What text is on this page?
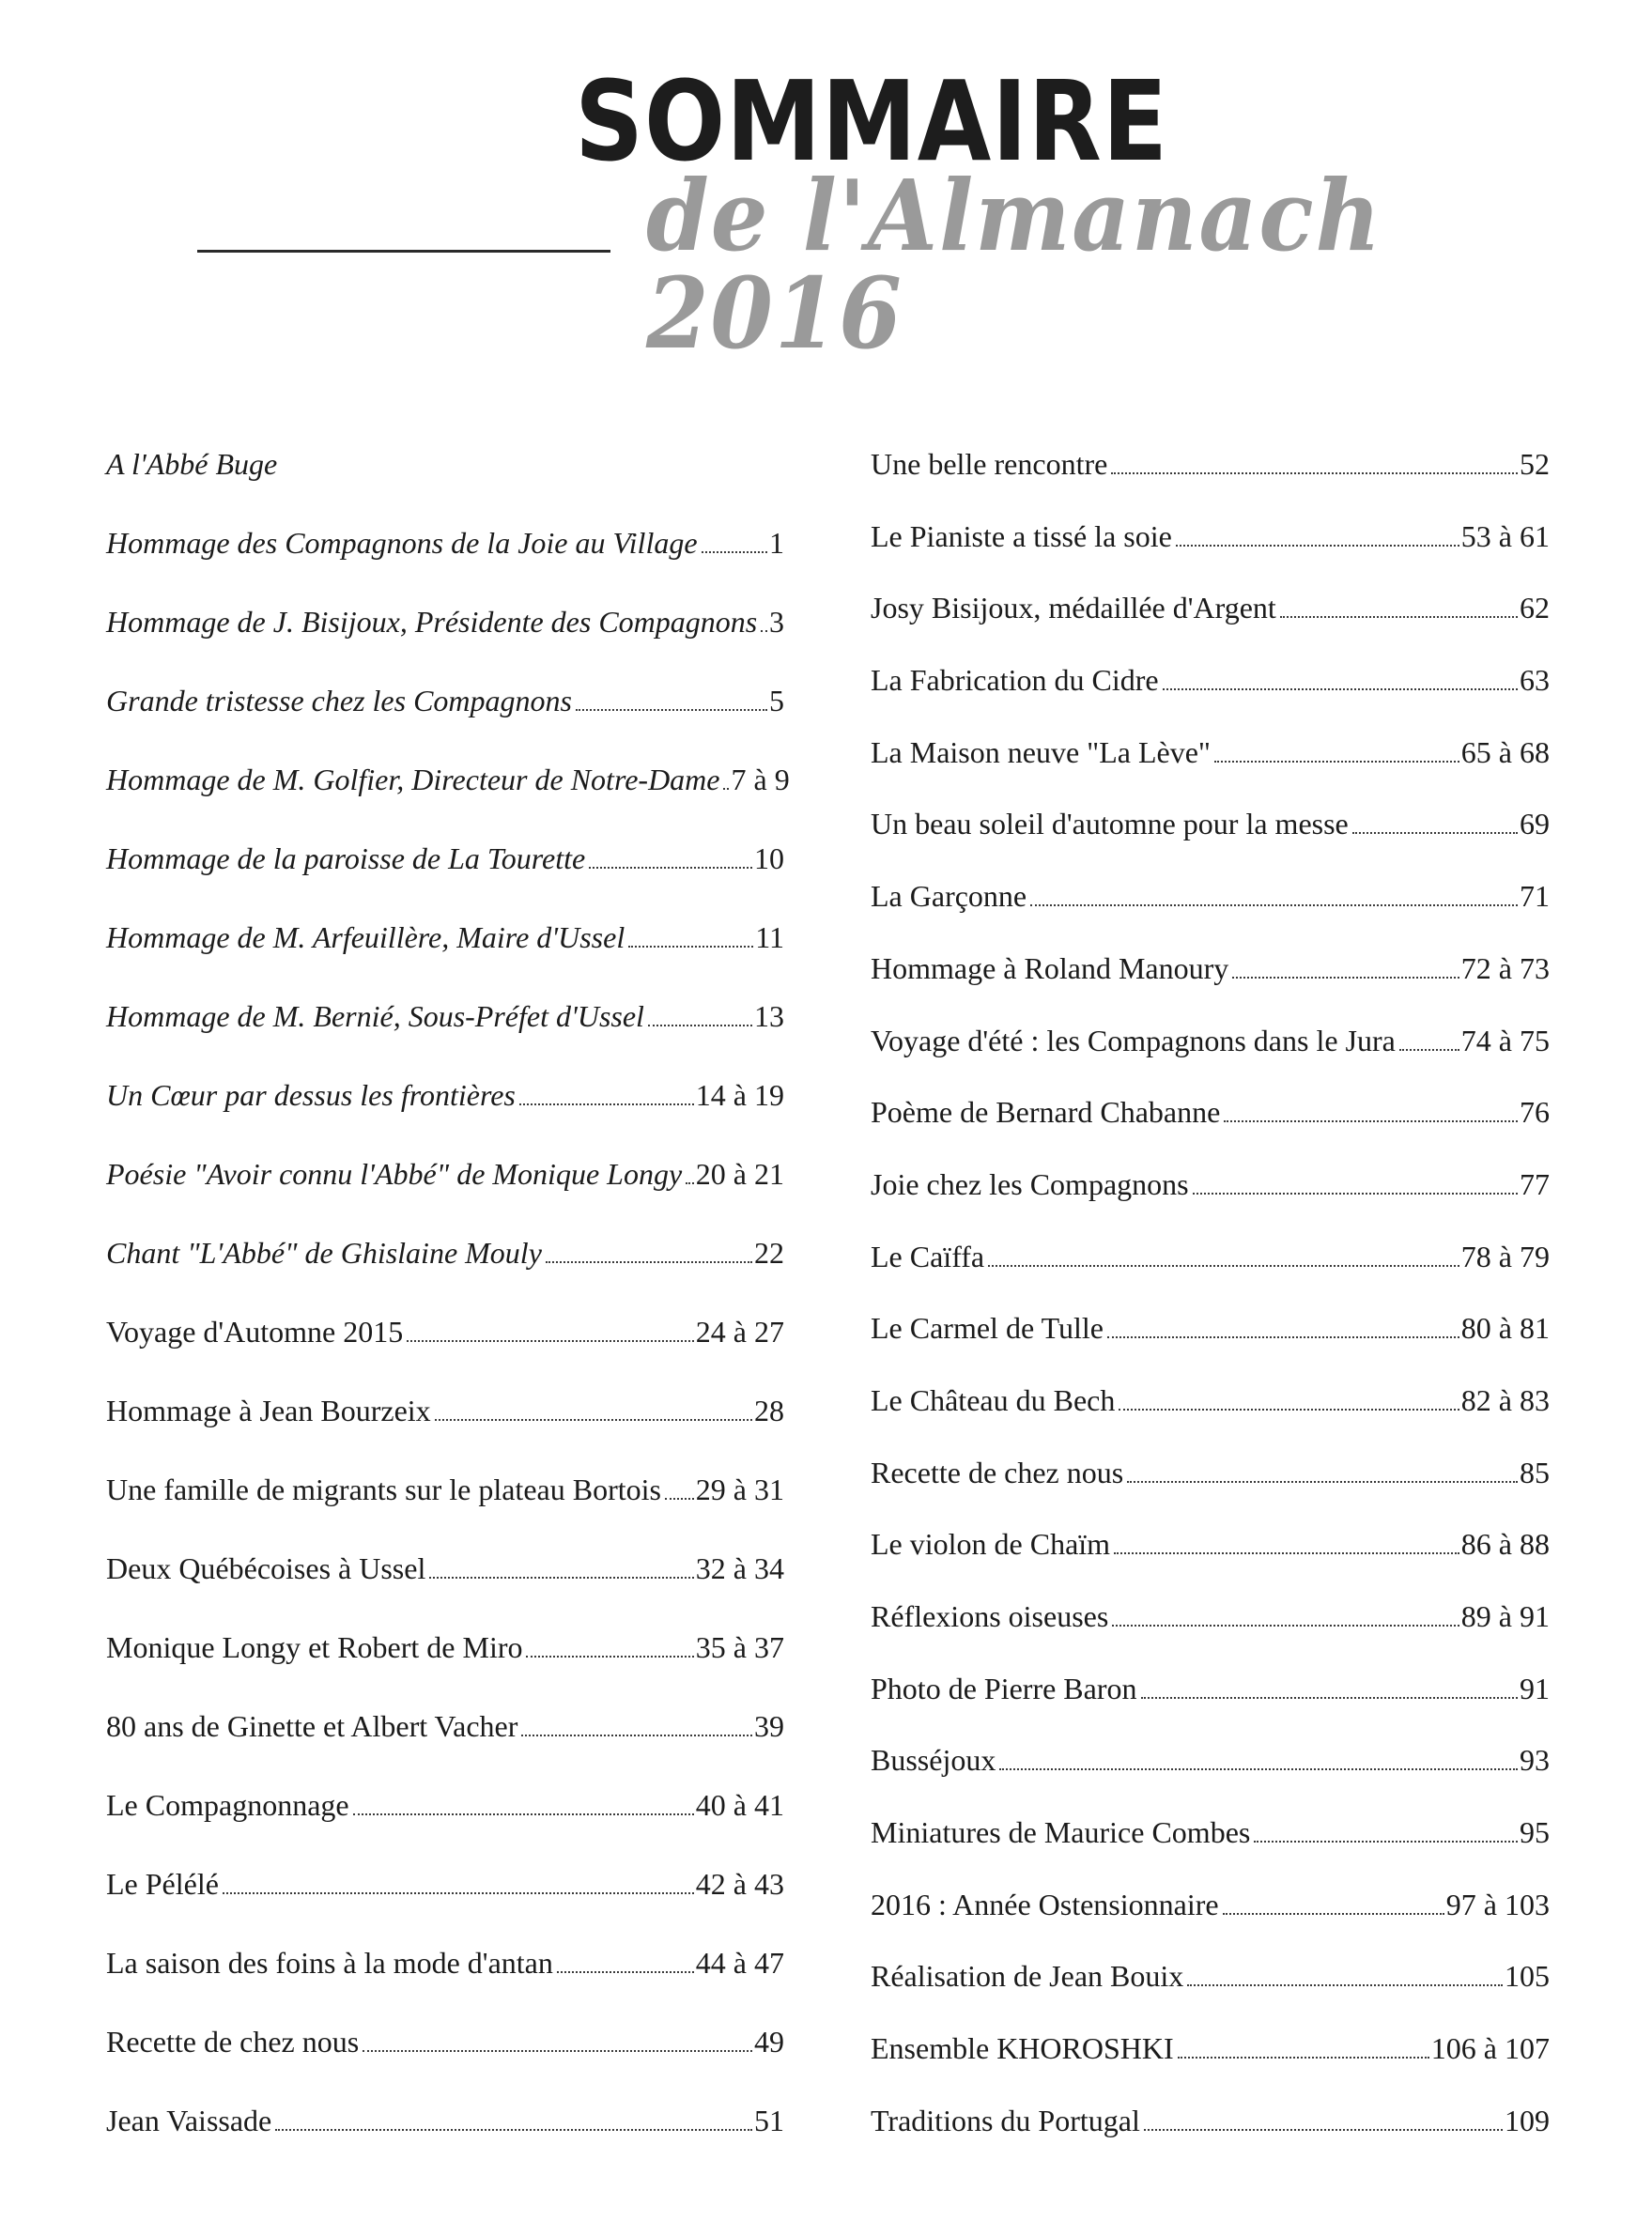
SOMMAIRE
de l'Almanach 2016
A l'Abbé Buge
Hommage des Compagnons de la Joie au Village 1
Hommage de J. Bisijoux, Présidente des Compagnons 3
Grande tristesse chez les Compagnons	5
Hommage de M. Golfier, Directeur de Notre-Dame 7 à 9
Hommage de la paroisse de La Tourette	10
Hommage de M. Arfeuillère, Maire d'Ussel	11
Hommage de M. Bernié, Sous-Préfet d'Ussel	13
Un Cœur par dessus les frontières	14 à 19
Poésie "Avoir connu l'Abbé" de Monique Longy 20 à 21
Chant "L'Abbé" de Ghislaine Mouly	22
Voyage d'Automne 2015	24 à 27
Hommage à Jean Bourzeix	28
Une famille de migrants sur le plateau Bortois 29 à 31
Deux Québécoises à Ussel	32 à 34
Monique Longy et Robert de Miro	35 à 37
80 ans de Ginette et Albert Vacher	39
Le Compagnonnage	40 à 41
Le Pélélé	42 à 43
La saison des foins à la mode d'antan	44 à 47
Recette de chez nous	49
Jean Vaissade	51
Une belle rencontre	52
Le Pianiste a tissé la soie	53 à 61
Josy Bisijoux, médaillée d'Argent	62
La Fabrication du Cidre	63
La Maison neuve "La Lève"	65 à 68
Un beau soleil d'automne pour la messe	69
La Garçonne	71
Hommage à Roland Manoury	72 à 73
Voyage d'été : les Compagnons dans le Jura 74 à 75
Poème de Bernard Chabanne	76
Joie chez les Compagnons	77
Le Caïffa	78 à 79
Le Carmel de Tulle	80 à 81
Le Château du Bech	82 à 83
Recette de chez nous	85
Le violon de Chaïm	86 à 88
Réflexions oiseuses	89 à 91
Photo de Pierre Baron	91
Busséjoux	93
Miniatures de Maurice Combes	95
2016 : Année Ostensionnaire	97 à 103
Réalisation de Jean Bouix	105
Ensemble KHOROSHKI	106 à 107
Traditions du Portugal	109
